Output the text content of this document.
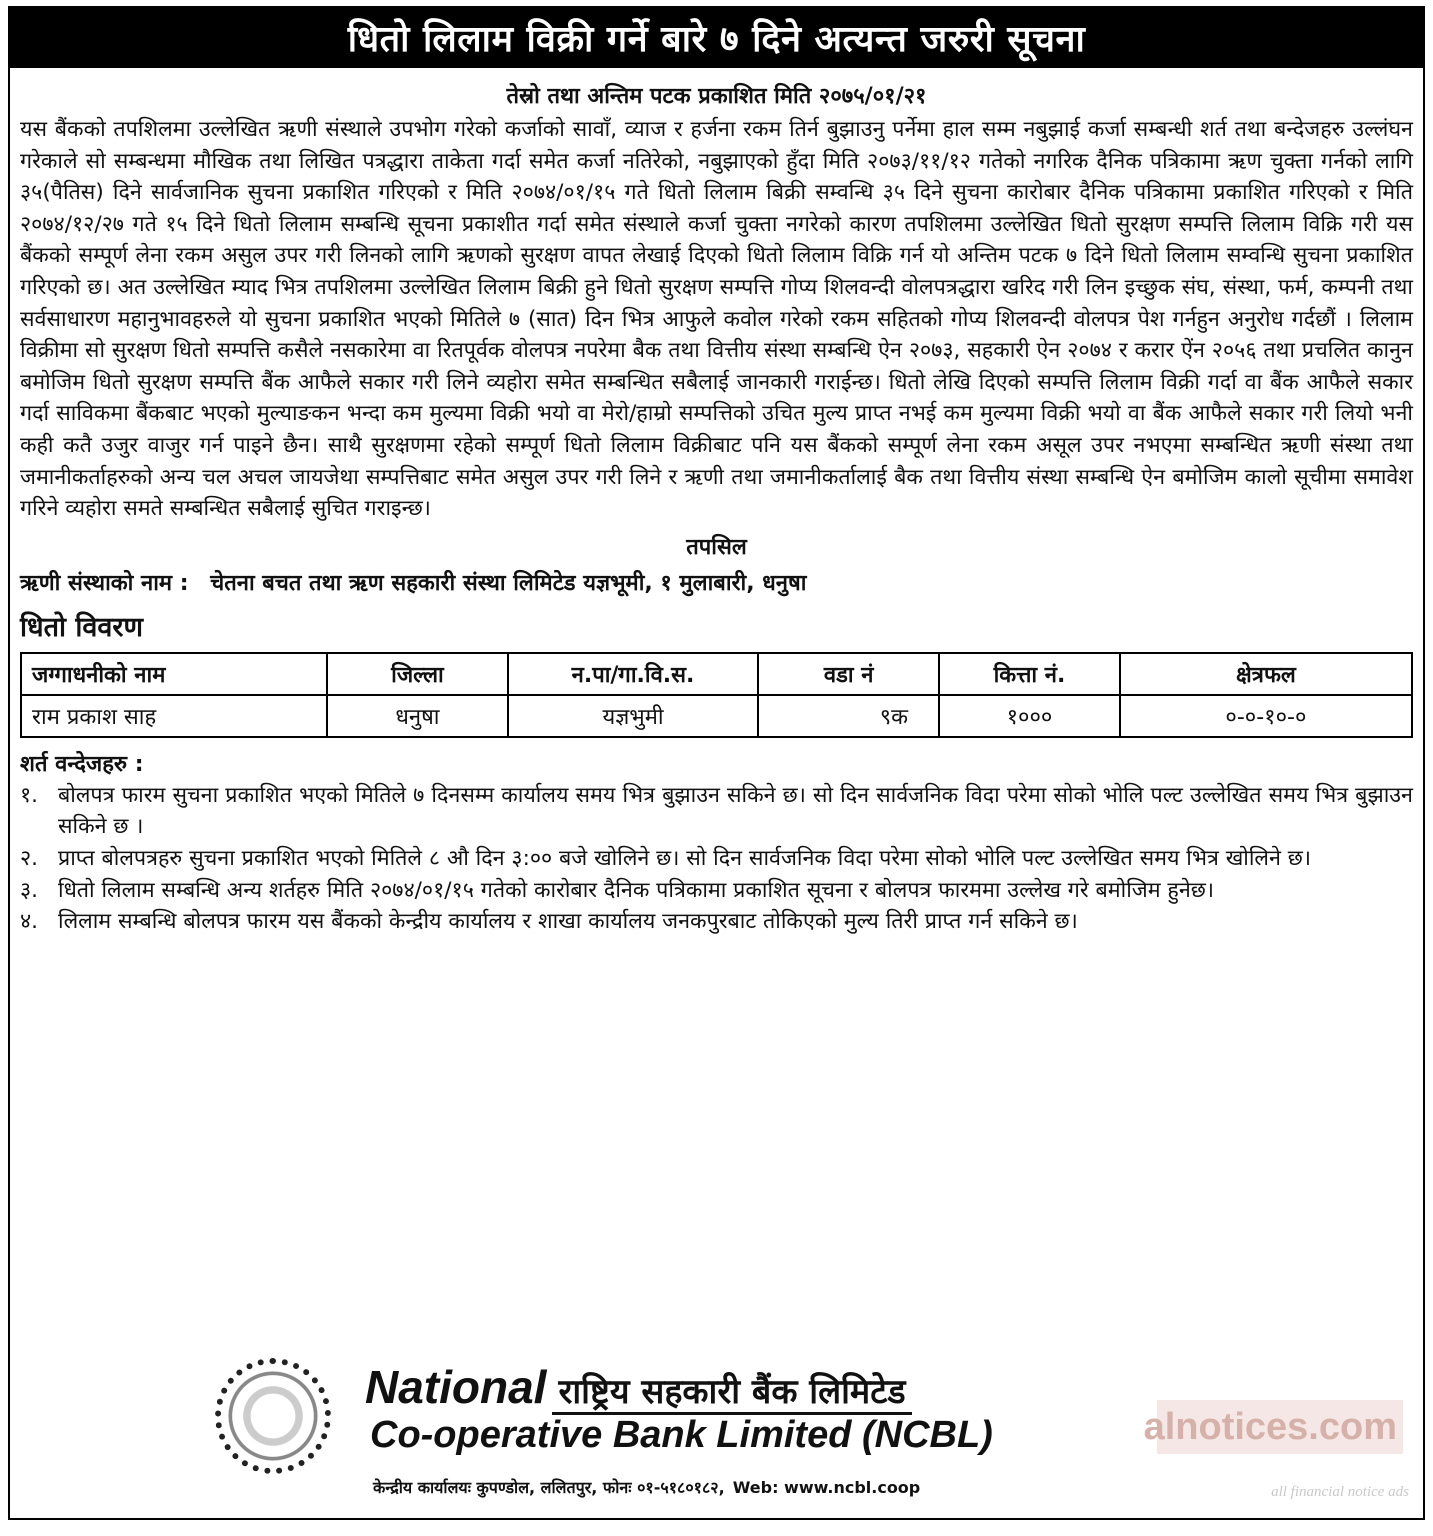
धितो लिलाम विक्री गर्ने बारे ७ दिने अत्यन्त जरुरी सूचना
तेस्रो तथा अन्तिम पटक प्रकाशित मिति २०७५/०१/२१

यस बैंकको तपशिलमा उल्लेखित ऋणी संस्थाले उपभोग गरेको कर्जाको सावाँ, व्याज र हर्जना रकम तिर्न बुझाउनु पर्नेमा हाल सम्म नबुझाई कर्जा सम्बन्धी शर्त तथा बन्देजहरु उल्लंघन गरेकाले सो सम्बन्धमा मौखिक तथा लिखित पत्रद्धारा ताकेता गर्दा समेत कर्जा नतिरेको, नबुझाएको हुँदा मिति २०७३/११/१२ गतेको नगरिक दैनिक पत्रिकामा ऋण चुक्ता गर्नको लागि ३५(पैतिस) दिने सार्वजानिक सुचना प्रकाशित गरिएको र मिति २०७४/०१/१५ गते धितो लिलाम बिक्री सम्वन्धि ३५ दिने सुचना कारोबार दैनिक पत्रिकामा प्रकाशित गरिएको र मिति २०७४/१२/२७ गते १५ दिने धितो लिलाम सम्बन्धि सूचना प्रकाशीत गर्दा समेत संस्थाले कर्जा चुक्ता नगरेको कारण तपशिलमा उल्लेखित धितो सुरक्षण सम्पत्ति लिलाम विक्रि गरी यस बैंकको सम्पूर्ण लेना रकम असुल उपर गरी लिनको लागि ऋणको सुरक्षण वापत लेखाई दिएको धितो लिलाम विक्रि गर्न यो अन्तिम पटक ७ दिने धितो लिलाम सम्वन्धि सुचना प्रकाशित गरिएको छ। अत उल्लेखित म्याद भित्र तपशिलमा उल्लेखित लिलाम बिक्री हुने धितो सुरक्षण सम्पत्ति गोप्य शिलवन्दी वोलपत्रद्धारा खरिद गरी लिन इच्छुक संघ, संस्था, फर्म, कम्पनी तथा सर्वसाधारण महानुभावहरुले यो सुचना प्रकाशित भएको मितिले ७ (सात) दिन भित्र आफुले कवोल गरेको रकम सहितको गोप्य शिलवन्दी वोलपत्र पेश गर्नहुन अनुरोध गर्दछौं । लिलाम विक्रीमा सो सुरक्षण धितो सम्पत्ति कसैले नसकारेमा वा रितपूर्वक वोलपत्र नपरेमा बैक तथा वित्तीय संस्था सम्बन्धि ऐन २०७३, सहकारी ऐन २०७४ र करार ऐंन २०५६ तथा प्रचलित कानुन बमोजिम धितो सुरक्षण सम्पत्ति बैंक आफैले सकार गरी लिने व्यहोरा समेत सम्बन्धित सबैलाई जानकारी गराईन्छ। धितो लेखि दिएको सम्पत्ति लिलाम विक्री गर्दा वा बैंक आफैले सकार गर्दा साविकमा बैंकबाट भएको मुल्याङकन भन्दा कम मुल्यमा विक्री भयो वा मेरो/हाम्रो सम्पत्तिको उचित मुल्य प्राप्त नभई कम मुल्यमा विक्री भयो वा बैंक आफैले सकार गरी लियो भनी कही कतै उजुर वाजुर गर्न पाइने छैन। साथै सुरक्षणमा रहेको सम्पूर्ण धितो लिलाम विक्रीबाट पनि यस बैंकको सम्पूर्ण लेना रकम असूल उपर नभएमा सम्बन्धित ऋणी संस्था तथा जमानीकर्ताहरुको अन्य चल अचल जायजेथा सम्पत्तिबाट समेत असुल उपर गरी लिने र ऋणी तथा जमानीकर्तालाई बैक तथा वित्तीय संस्था सम्बन्धि ऐन बमोजिम कालो सूचीमा समावेश गरिने व्यहोरा समते सम्बन्धित सबैलाई सुचित गराइन्छ।

तपसिल
ऋणी संस्थाको नाम : चेतना बचत तथा ऋण सहकारी संस्था लिमिटेड यज्ञभूमी, १ मुलाबारी, धनुषा
धितो विवरण
जग्गाधनीको नाम	जिल्ला	न.पा/गा.वि.स.	वडा नं	कित्ता नं.	क्षेत्रफल
राम प्रकाश साह	धनुषा	यज्ञभुमी	९क	१०००	०-०-१०-०
शर्त वन्देजहरु :
१. बोलपत्र फारम सुचना प्रकाशित भएको मितिले ७ दिनसम्म कार्यालय समय भित्र बुझाउन सकिने छ। सो दिन सार्वजनिक विदा परेमा सोको भोलि पल्ट उल्लेखित समय भित्र बुझाउन सकिने छ ।
२. प्राप्त बोलपत्रहरु सुचना प्रकाशित भएको मितिले ८ औ दिन ३:०० बजे खोलिने छ। सो दिन सार्वजनिक विदा परेमा सोको भोलि पल्ट उल्लेखित समय भित्र खोलिने छ।
३. धितो लिलाम सम्बन्धि अन्य शर्तहरु मिति २०७४/०१/१५ गतेको कारोबार दैनिक पत्रिकामा प्रकाशित सूचना र बोलपत्र फारममा उल्लेख गरे बमोजिम हुनेछ।
४. लिलाम सम्बन्धि बोलपत्र फारम यस बैंकको केन्द्रीय कार्यालय र शाखा कार्यालय जनकपुरबाट तोकिएको मुल्य तिरी प्राप्त गर्न सकिने छ।
National राष्ट्रिय सहकारी बैंक लिमिटेड
Co-operative Bank Limited (NCBL)
केन्द्रीय कार्यालयः कुपण्डोल, ललितपुर, फोनः ०१-५१८०१८२, Web: www.ncbl.coop
alnotices.com
all financial notice ads
